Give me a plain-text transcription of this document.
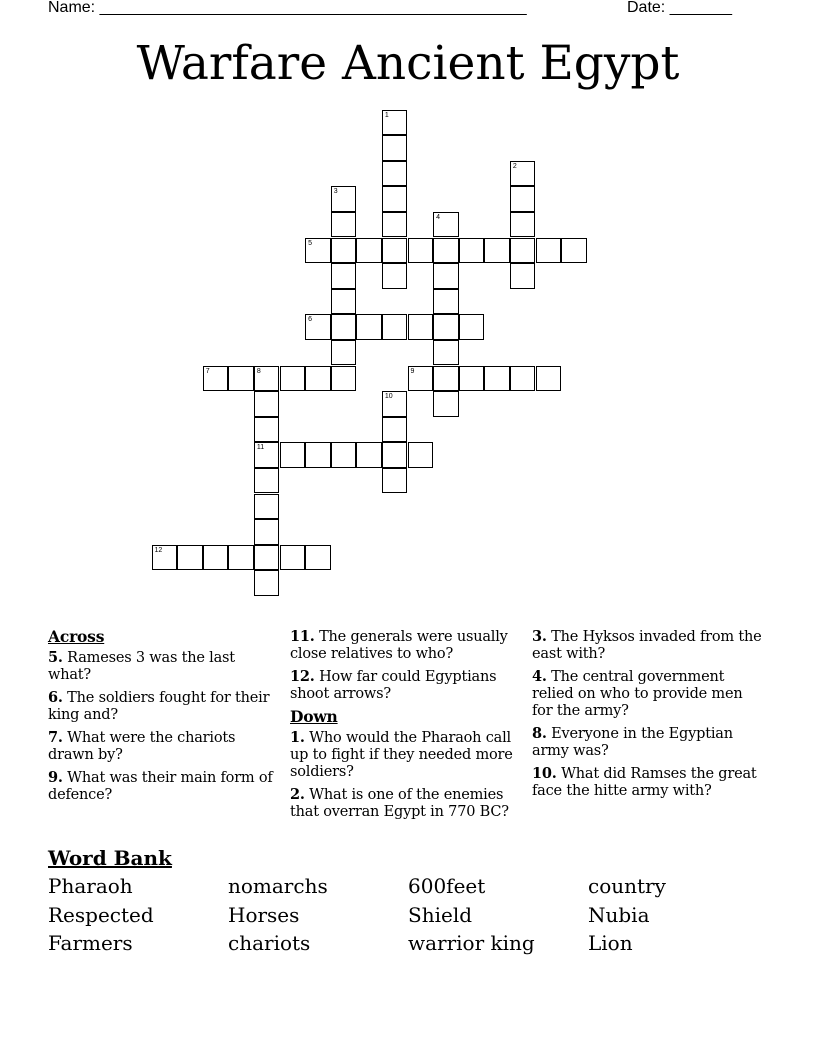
Name: ________________________________________________	Date: _______
Warfare Ancient Egypt
1
2
3
4
5
6
7	8
11
9
10
12
Across
5. Rameses 3 was the last what?
6. The soldiers fought for their king and?
7. What were the chariots drawn by?
9. What was their main form of defence?
11. The generals were usually close relatives to who?
12. How far could Egyptians shoot arrows?
Down
1. Who would the Pharaoh call up to fight if they needed more soldiers?
2. What is one of the enemies that overran Egypt in 770 BC?
3. The Hyksos invaded from the east with?
4. The central government relied on who to provide men for the army?
8. Everyone in the Egyptian army was?
10. What did Ramses the great face the hitte army with?
Word Bank
Pharaoh	nomarchs	600feet	country
Respected	Horses	Shield	Nubia
Farmers	chariots	warrior king	Lion
